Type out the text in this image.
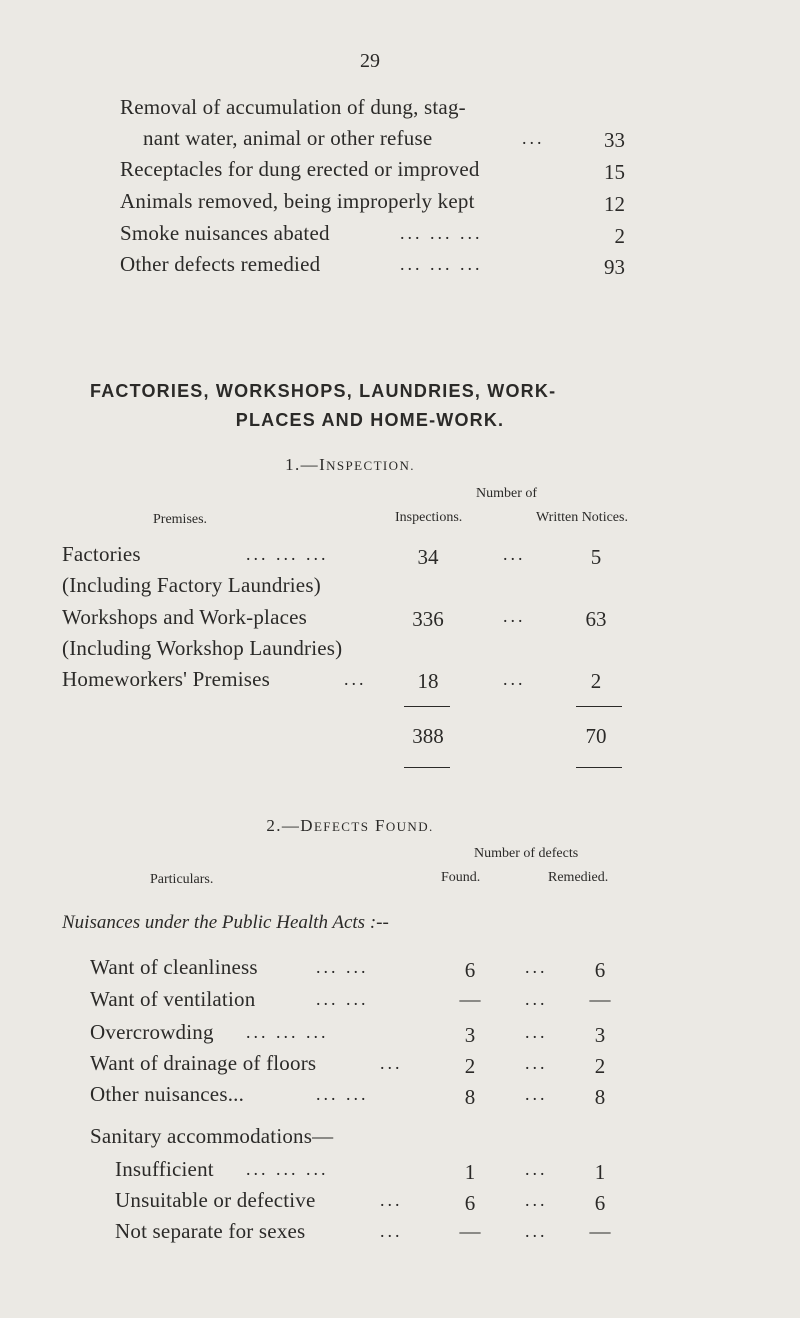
29
Removal of accumulation of dung, stag-
nant water, animal or other refuse	...	33
Receptacles for dung erected or improved	15
Animals removed, being improperly kept	12
Smoke nuisances abated	... ... ...	2
Other defects remedied	... ... ...	93
FACTORIES, WORKSHOPS, LAUNDRIES, WORK-
PLACES AND HOME-WORK.
1.—INSPECTION.
Premises.
Number of
Inspections.	Written Notices.
Factories	... ... ...	34	...	5
(Including Factory Laundries)
Workshops and Work-places	336	...	63
(Including Workshop Laundries)
Homeworkers' Premises	...	18	...	2
388	70
2.—DEFECTS FOUND.
Particulars.
Number of defects
Found.	Remedied.
Nuisances under the Public Health Acts :--
Want of cleanliness	... ...	6	...	6
Want of ventilation	... ...	—	...	—
Overcrowding ... ... ...	3	...	3
Want of drainage of floors	...	2	...	2
Other nuisances...	... ...	8	...	8
Sanitary accommodations—
Insufficient ... ... ...	1	...	1
Unsuitable or defective	...	6	...	6
Not separate for sexes	...	—	...	—
